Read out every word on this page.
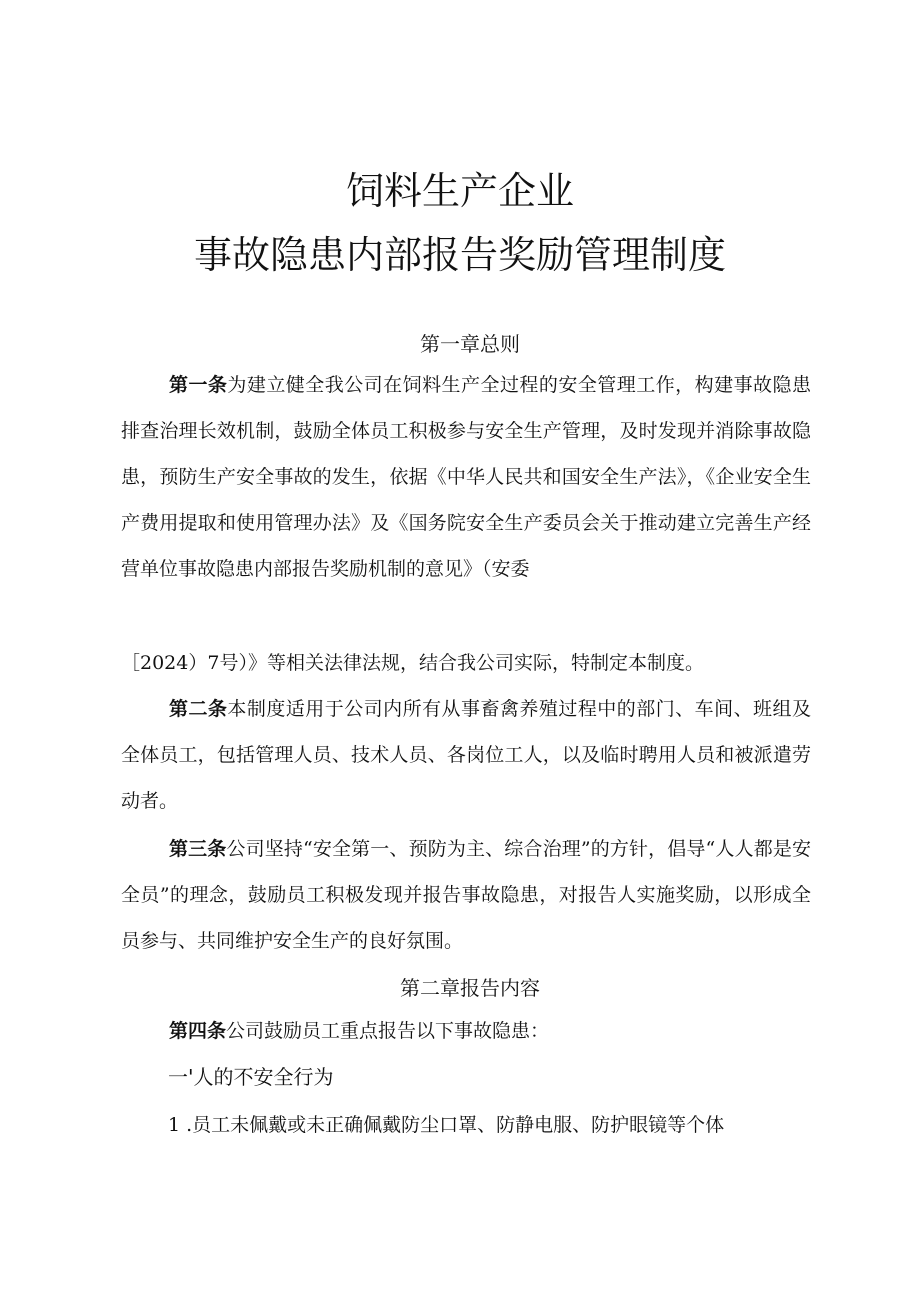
饲料生产企业
事故隐患内部报告奖励管理制度
第一章总则
第一条为建立健全我公司在饲料生产全过程的安全管理工作，构建事故隐患排查治理长效机制，鼓励全体员工积极参与安全生产管理，及时发现并消除事故隐患，预防生产安全事故的发生，依据《中华人民共和国安全生产法》，《企业安全生产费用提取和使用管理办法》及《国务院安全生产委员会关于推动建立完善生产经营单位事故隐患内部报告奖励机制的意见》（安委
［2024）7号）》等相关法律法规，结合我公司实际，特制定本制度。
第二条本制度适用于公司内所有从事畜禽养殖过程中的部门、车间、班组及全体员工，包括管理人员、技术人员、各岗位工人，以及临时聘用人员和被派遣劳动者。
第三条公司坚持“安全第一、预防为主、综合治理”的方针，倡导“人人都是安全员”的理念，鼓励员工积极发现并报告事故隐患，对报告人实施奖励，以形成全员参与、共同维护安全生产的良好氛围。
第二章报告内容
第四条公司鼓励员工重点报告以下事故隐患：
一'人的不安全行为
1 .员工未佩戴或未正确佩戴防尘口罩、防静电服、防护眼镜等个体
